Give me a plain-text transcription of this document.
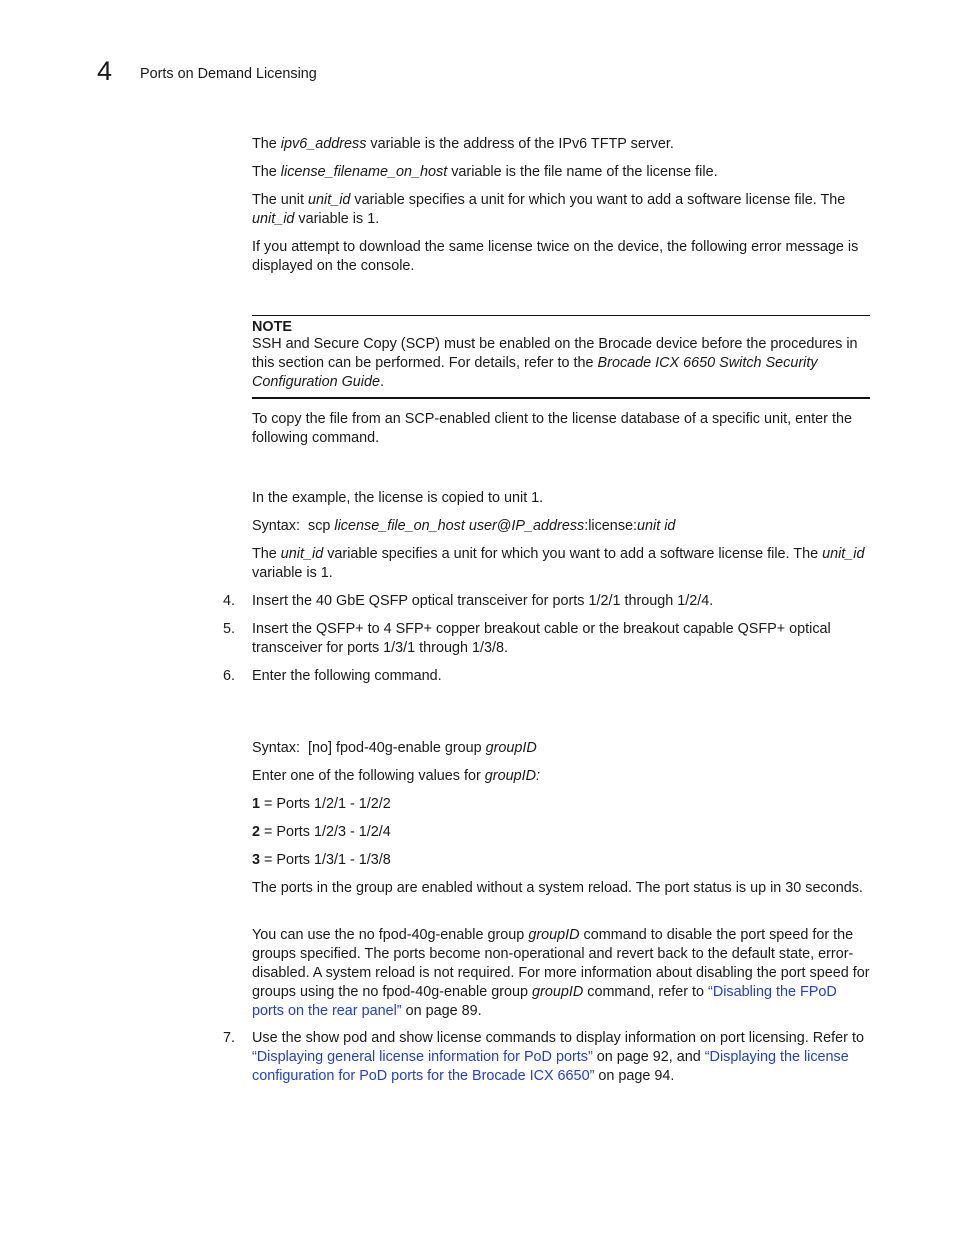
4 Ports on Demand Licensing

The ipv6_address variable is the address of the IPv6 TFTP server.

The license_filename_on_host variable is the file name of the license file.

The unit unit_id variable specifies a unit for which you want to add a software license file. The unit_id variable is 1.

If you attempt to download the same license twice on the device, the following error message is displayed on the console.

NOTE

SSH and Secure Copy (SCP) must be enabled on the Brocade device before the procedures in this section can be performed. For details, refer to the Brocade ICX 6650 Switch Security Configuration Guide.

To copy the file from an SCP-enabled client to the license database of a specific unit, enter the following command.

In the example, the license is copied to unit 1.

Syntax: scp license_file_on_host user@IP_address:license:unit id

The unit_id variable specifies a unit for which you want to add a software license file. The unit_id variable is 1.

4. Insert the 40 GbE QSFP optical transceiver for ports 1/2/1 through 1/2/4.

5. Insert the QSFP+ to 4 SFP+ copper breakout cable or the breakout capable QSFP+ optical transceiver for ports 1/3/1 through 1/3/8.

6. Enter the following command.

Syntax: [no] fpod-40g-enable group groupID

Enter one of the following values for groupID:

1 = Ports 1/2/1 - 1/2/2

2 = Ports 1/2/3 - 1/2/4

3 = Ports 1/3/1 - 1/3/8

The ports in the group are enabled without a system reload. The port status is up in 30 seconds.

You can use the no fpod-40g-enable group groupID command to disable the port speed for the groups specified. The ports become non-operational and revert back to the default state, error-disabled. A system reload is not required. For more information about disabling the port speed for groups using the no fpod-40g-enable group groupID command, refer to “Disabling the FPoD ports on the rear panel” on page 89.

7. Use the show pod and show license commands to display information on port licensing. Refer to “Displaying general license information for PoD ports” on page 92, and “Displaying the license configuration for PoD ports for the Brocade ICX 6650” on page 94.
